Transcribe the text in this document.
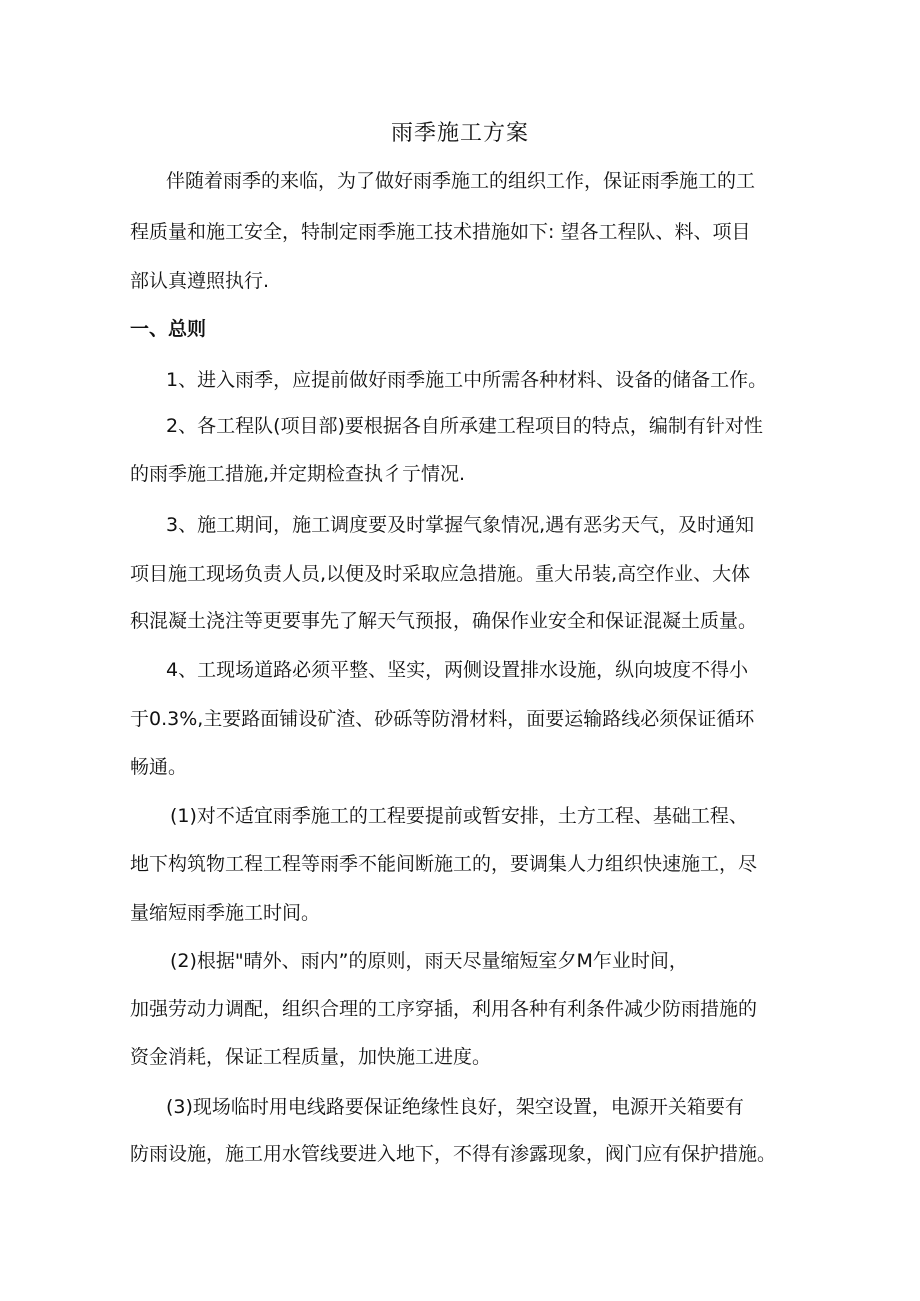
雨季施工方案
伴随着雨季的来临，为了做好雨季施工的组织工作，保证雨季施工的工
程质量和施工安全，特制定雨季施工技术措施如下: 望各工程队、料、项目
部认真遵照执行.
一、总则
1、进入雨季，应提前做好雨季施工中所需各种材料、设备的储备工作。
2、各工程队(项目部)要根据各自所承建工程项目的特点，编制有针对性
的雨季施工措施,并定期检查执彳亍情况.
3、施工期间，施工调度要及时掌握气象情况,遇有恶劣天气，及时通知
项目施工现场负责人员,以便及时采取应急措施。重大吊装,高空作业、大体
积混凝土浇注等更要事先了解天气预报，确保作业安全和保证混凝土质量。
4、工现场道路必须平整、坚实，两侧设置排水设施，纵向坡度不得小
于0.3%,主要路面铺设矿渣、砂砾等防滑材料，面要运输路线必须保证循环
畅通。
(1)对不适宜雨季施工的工程要提前或暂安排，土方工程、基础工程、
地下构筑物工程工程等雨季不能间断施工的，要调集人力组织快速施工，尽
量缩短雨季施工时间。
(2)根据"晴外、雨内”的原则，雨天尽量缩短室夕M乍业时间，
加强劳动力调配，组织合理的工序穿插，利用各种有利条件减少防雨措施的
资金消耗，保证工程质量，加快施工进度。
(3)现场临时用电线路要保证绝缘性良好，架空设置，电源开关箱要有
防雨设施，施工用水管线要进入地下，不得有渗露现象，阀门应有保护措施。
